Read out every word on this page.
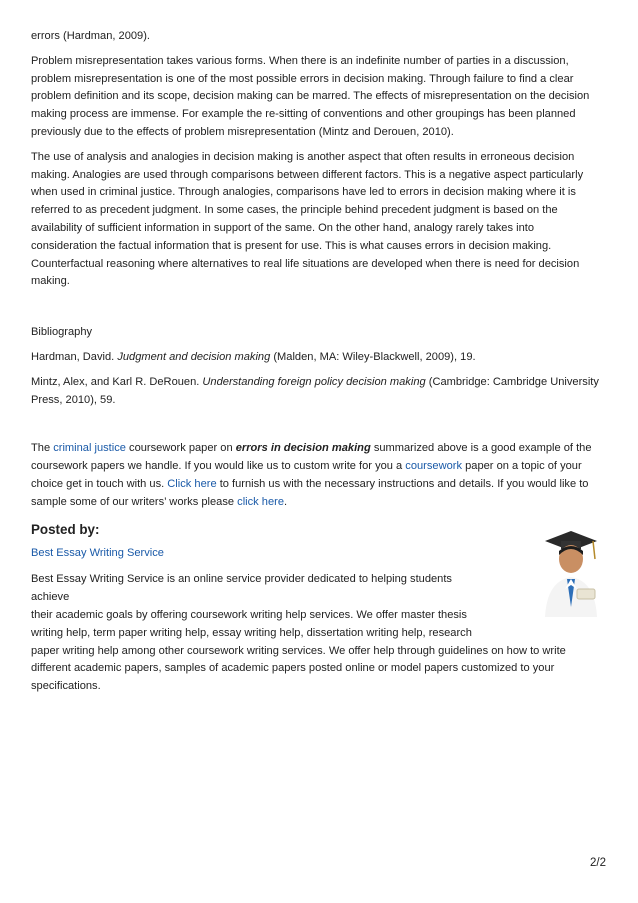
errors (Hardman, 2009).

Problem misrepresentation takes various forms. When there is an indefinite number of parties in a discussion, problem misrepresentation is one of the most possible errors in decision making. Through failure to find a clear problem definition and its scope, decision making can be marred. The effects of misrepresentation on the decision making process are immense. For example the re-sitting of conventions and other groupings has been planned previously due to the effects of problem misrepresentation (Mintz and Derouen, 2010).

The use of analysis and analogies in decision making is another aspect that often results in erroneous decision making. Analogies are used through comparisons between different factors. This is a negative aspect particularly when used in criminal justice. Through analogies, comparisons have led to errors in decision making where it is referred to as precedent judgment. In some cases, the principle behind precedent judgment is based on the availability of sufficient information in support of the same. On the other hand, analogy rarely takes into consideration the factual information that is present for use. This is what causes errors in decision making. Counterfactual reasoning where alternatives to real life situations are developed when there is need for decision making.

Bibliography

Hardman, David. Judgment and decision making (Malden, MA: Wiley-Blackwell, 2009), 19.

Mintz, Alex, and Karl R. DeRouen. Understanding foreign policy decision making (Cambridge: Cambridge University Press, 2010), 59.

The criminal justice coursework paper on errors in decision making summarized above is a good example of the coursework papers we handle. If you would like us to custom write for you a coursework paper on a topic of your choice get in touch with us. Click here to furnish us with the necessary instructions and details. If you would like to sample some of our writers’ works please click here.

Posted by:

Best Essay Writing Service

Best Essay Writing Service is an online service provider dedicated to helping students achieve

their academic goals by offering coursework writing help services. We offer master thesis

writing help, term paper writing help, essay writing help, dissertation writing help, research

paper writing help among other coursework writing services. We offer help through guidelines on how to write different academic papers, samples of academic papers posted online or model papers customized to your specifications.

2/2
